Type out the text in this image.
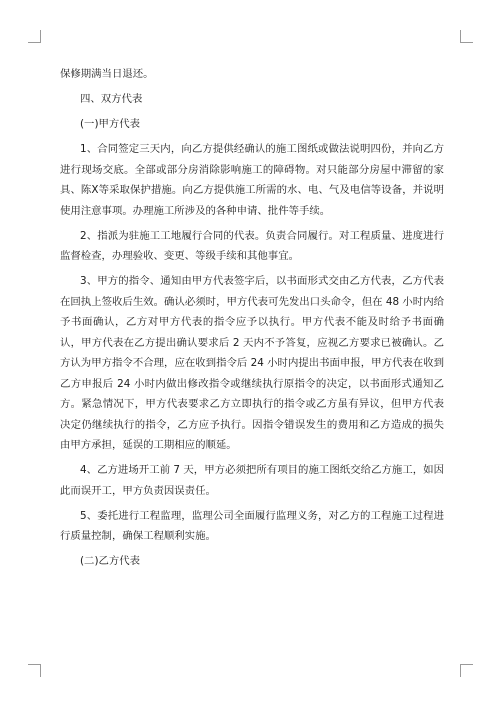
保修期满当日退还。

四、双方代表

(一)甲方代表

1、合同签定三天内，向乙方提供经确认的施工图纸或做法说明四份，并向乙方进行现场交底。全部或部分房消除影响施工的障碍物。对只能部分房屋中滞留的家具、陈X等采取保护措施。向乙方提供施工所需的水、电、气及电信等设备，并说明使用注意事项。办理施工所涉及的各种申请、批件等手续。

2、指派为驻施工工地履行合同的代表。负责合同履行。对工程质量、进度进行监督检查，办理验收、变更、等级手续和其他事宜。

3、甲方的指令、通知由甲方代表签字后，以书面形式交由乙方代表，乙方代表在回执上签收后生效。确认必须时，甲方代表可先发出口头命令，但在 48 小时内给予书面确认，乙方对甲方代表的指令应予以执行。甲方代表不能及时给予书面确认，甲方代表在乙方提出确认要求后 2 天内不予答复，应视乙方要求已被确认。乙方认为甲方指令不合理，应在收到指令后 24 小时内提出书面申报，甲方代表在收到乙方申报后 24 小时内做出修改指令或继续执行原指令的决定，以书面形式通知乙方。紧急情况下，甲方代表要求乙方立即执行的指令或乙方虽有异议，但甲方代表决定仍继续执行的指令，乙方应予执行。因指令错误发生的费用和乙方造成的损失由甲方承担，延误的工期相应的顺延。

4、乙方进场开工前 7 天，甲方必须把所有项目的施工图纸交给乙方施工，如因此而误开工，甲方负责因误责任。

5、委托进行工程监理，监理公司全面履行监理义务，对乙方的工程施工过程进行质量控制，确保工程顺利实施。

(二)乙方代表
